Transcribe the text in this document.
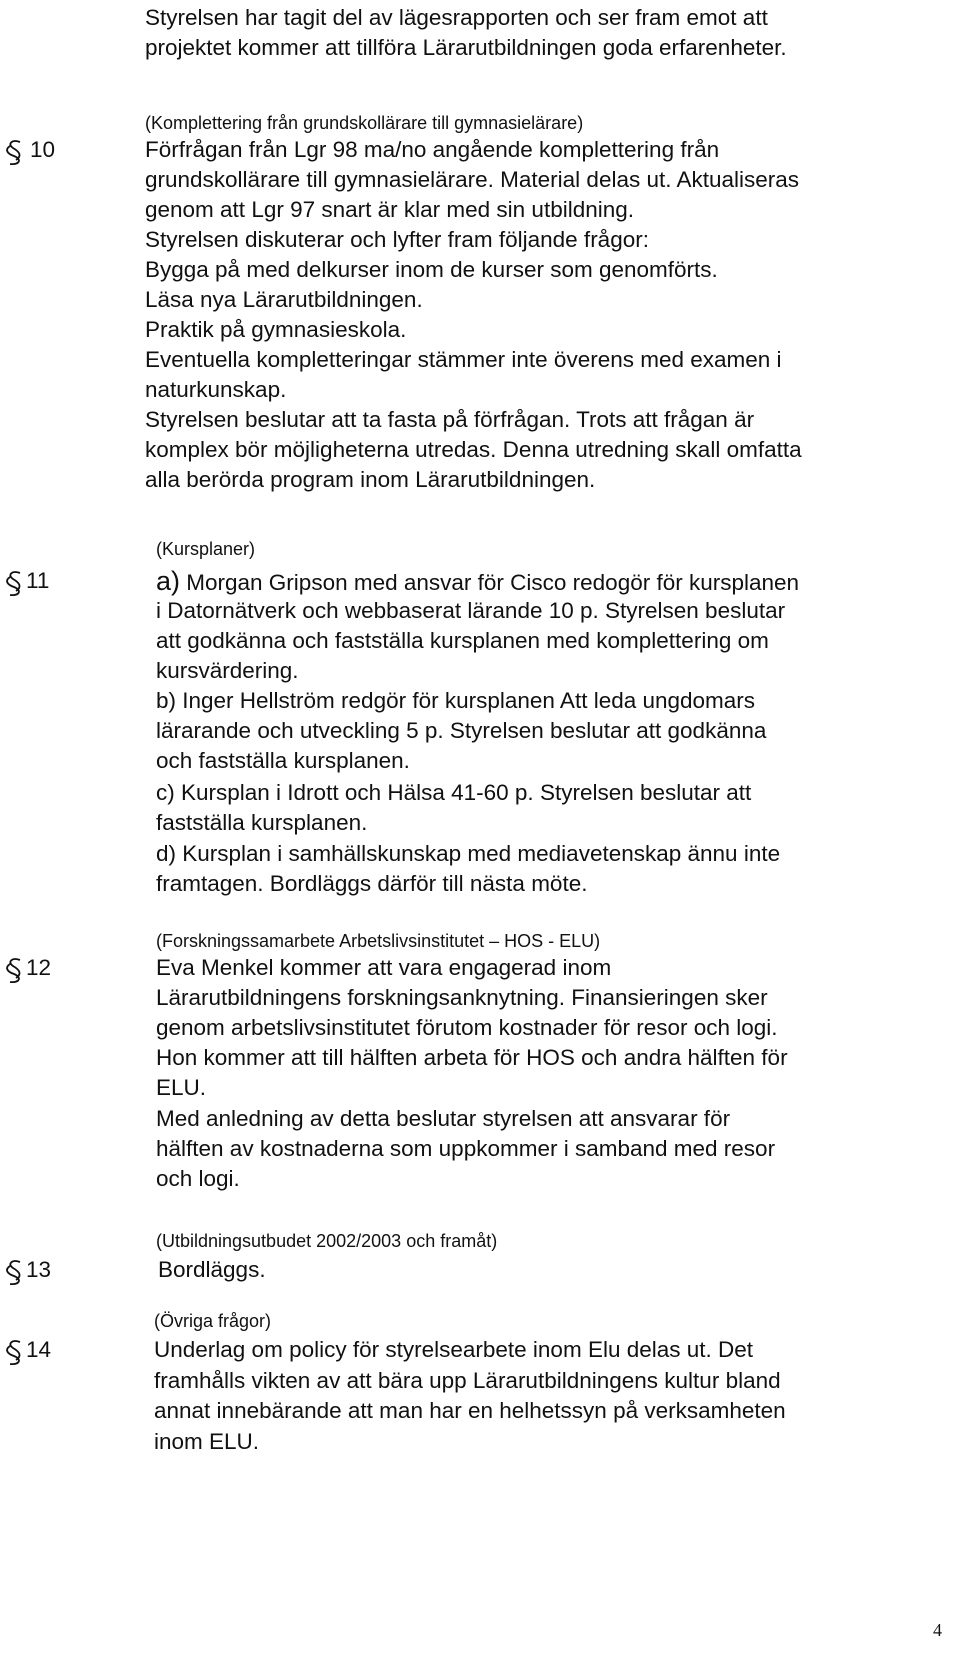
Styrelsen har tagit del av lägesrapporten och ser fram emot att
projektet kommer att tillföra Lärarutbildningen goda erfarenheter.
10
(Komplettering från grundskollärare till gymnasielärare)
Förfrågan från Lgr 98 ma/no angående komplettering från
grundskollärare till gymnasielärare. Material delas ut. Aktualiseras
genom att Lgr 97 snart är klar med sin utbildning.
Styrelsen diskuterar och lyfter fram följande frågor:
Bygga på med delkurser inom de kurser som genomförts.
Läsa nya Lärarutbildningen.
Praktik på gymnasieskola.
Eventuella kompletteringar stämmer inte överens med examen i
naturkunskap.
Styrelsen beslutar att ta fasta på förfrågan. Trots att frågan är
komplex bör möjligheterna utredas. Denna utredning skall omfatta
alla berörda program inom Lärarutbildningen.
11
(Kursplaner)
a) Morgan Gripson med ansvar för Cisco redogör för kursplanen
i Datornätverk och webbaserat lärande 10 p. Styrelsen beslutar
att godkänna och fastställa kursplanen med komplettering om
kursvärdering.
b) Inger Hellström redgör för kursplanen Att leda ungdomars
lärarande och utveckling 5 p. Styrelsen beslutar att godkänna
och fastställa kursplanen.
c) Kursplan i Idrott och Hälsa 41-60 p. Styrelsen beslutar att
fastställa kursplanen.
d) Kursplan i samhällskunskap med mediavetenskap ännu inte
framtagen. Bordläggs därför till nästa möte.
12
(Forskningssamarbete Arbetslivsinstitutet – HOS - ELU)
Eva Menkel kommer att vara engagerad inom
Lärarutbildningens forskningsanknytning. Finansieringen sker
genom arbetslivsinstitutet förutom kostnader för resor och logi.
Hon kommer att till hälften arbeta för HOS och andra hälften för
ELU.
Med anledning av detta beslutar styrelsen att ansvarar för
hälften av kostnaderna som uppkommer i samband med resor
och logi.
13
(Utbildningsutbudet 2002/2003 och framåt)
Bordläggs.
14
(Övriga frågor)
Underlag om policy för styrelsearbete inom Elu delas ut. Det
framhålls vikten av att bära upp Lärarutbildningens kultur bland
annat innebärande att man har en helhetssyn på verksamheten
inom ELU.
4
